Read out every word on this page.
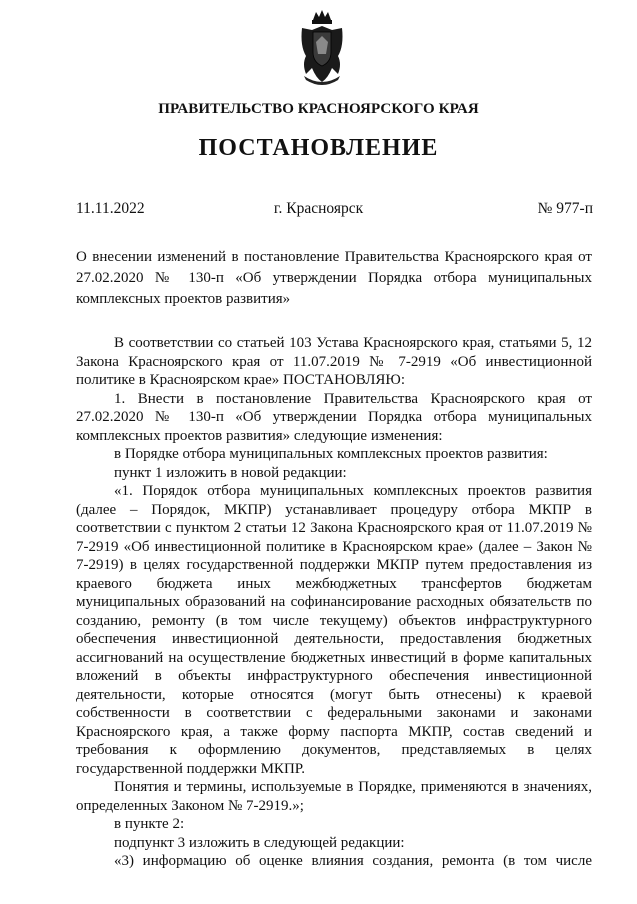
ПРАВИТЕЛЬСТВО КРАСНОЯРСКОГО КРАЯ
ПОСТАНОВЛЕНИЕ
11.11.2022	г. Красноярск	№ 977-п
О внесении изменений в постановление Правительства Красноярского края от 27.02.2020 № 130-п «Об утверждении Порядка отбора муниципальных комплексных проектов развития»

В соответствии со статьей 103 Устава Красноярского края, статьями 5, 12 Закона Красноярского края от 11.07.2019 № 7-2919 «Об инвестиционной политике в Красноярском крае» ПОСТАНОВЛЯЮ:

1. Внести в постановление Правительства Красноярского края от 27.02.2020 № 130-п «Об утверждении Порядка отбора муниципальных комплексных проектов развития» следующие изменения:

в Порядке отбора муниципальных комплексных проектов развития:

пункт 1 изложить в новой редакции:

«1. Порядок отбора муниципальных комплексных проектов развития (далее – Порядок, МКПР) устанавливает процедуру отбора МКПР в соответствии с пунктом 2 статьи 12 Закона Красноярского края от 11.07.2019 № 7-2919 «Об инвестиционной политике в Красноярском крае» (далее – Закон № 7-2919) в целях государственной поддержки МКПР путем предоставления из краевого бюджета иных межбюджетных трансфертов бюджетам муниципальных образований на софинансирование расходных обязательств по созданию, ремонту (в том числе текущему) объектов инфраструктурного обеспечения инвестиционной деятельности, предоставления бюджетных ассигнований на осуществление бюджетных инвестиций в форме капитальных вложений в объекты инфраструктурного обеспечения инвестиционной деятельности, которые относятся (могут быть отнесены) к краевой собственности в соответствии с федеральными законами и законами Красноярского края, а также форму паспорта МКПР, состав сведений и требования к оформлению документов, представляемых в целях государственной поддержки МКПР.

Понятия и термины, используемые в Порядке, применяются в значениях, определенных Законом № 7-2919.»;

в пункте 2:

подпункт 3 изложить в следующей редакции:

«3) информацию об оценке влияния создания, ремонта (в том числе
